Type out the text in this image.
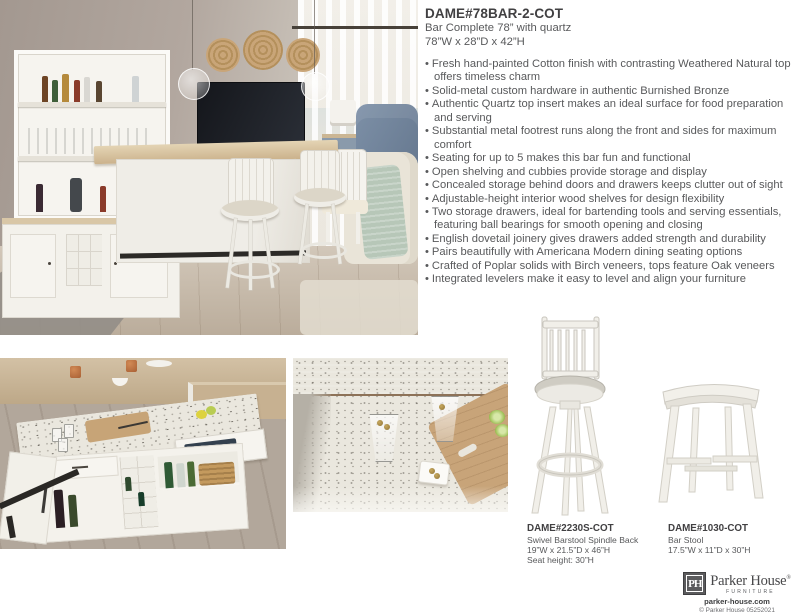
DAME#78BAR-2-COT
Bar Complete 78” with quartz
78”W x 28”D x 42”H
• Fresh hand-painted Cotton finish with contrasting Weathered Natural top offers timeless charm
• Solid-metal custom hardware in authentic Burnished Bronze
• Authentic Quartz top insert makes an ideal surface for food preparation and serving
• Substantial metal footrest runs along the front and sides for maximum comfort
• Seating for up to 5 makes this bar fun and functional
• Open shelving and cubbies provide storage and display
• Concealed storage behind doors and drawers keeps clutter out of sight
• Adjustable-height interior wood shelves for design flexibility
• Two storage drawers, ideal for bartending tools and serving essentials, featuring ball bearings for smooth opening and closing
• English dovetail joinery gives drawers added strength and durability
• Pairs beautifully with Americana Modern dining seating options
• Crafted of Poplar solids with Birch veneers, tops feature Oak veneers
• Integrated levelers make it easy to level and align your furniture
DAME#2230S-COT
Swivel Barstool Spindle Back
19”W x 21.5”D x 46”H
Seat height: 30”H
DAME#1030-COT
Bar Stool
17.5”W x 11”D x 30”H
PH Parker House®
FURNITURE
parker-house.com
© Parker House 05252021
